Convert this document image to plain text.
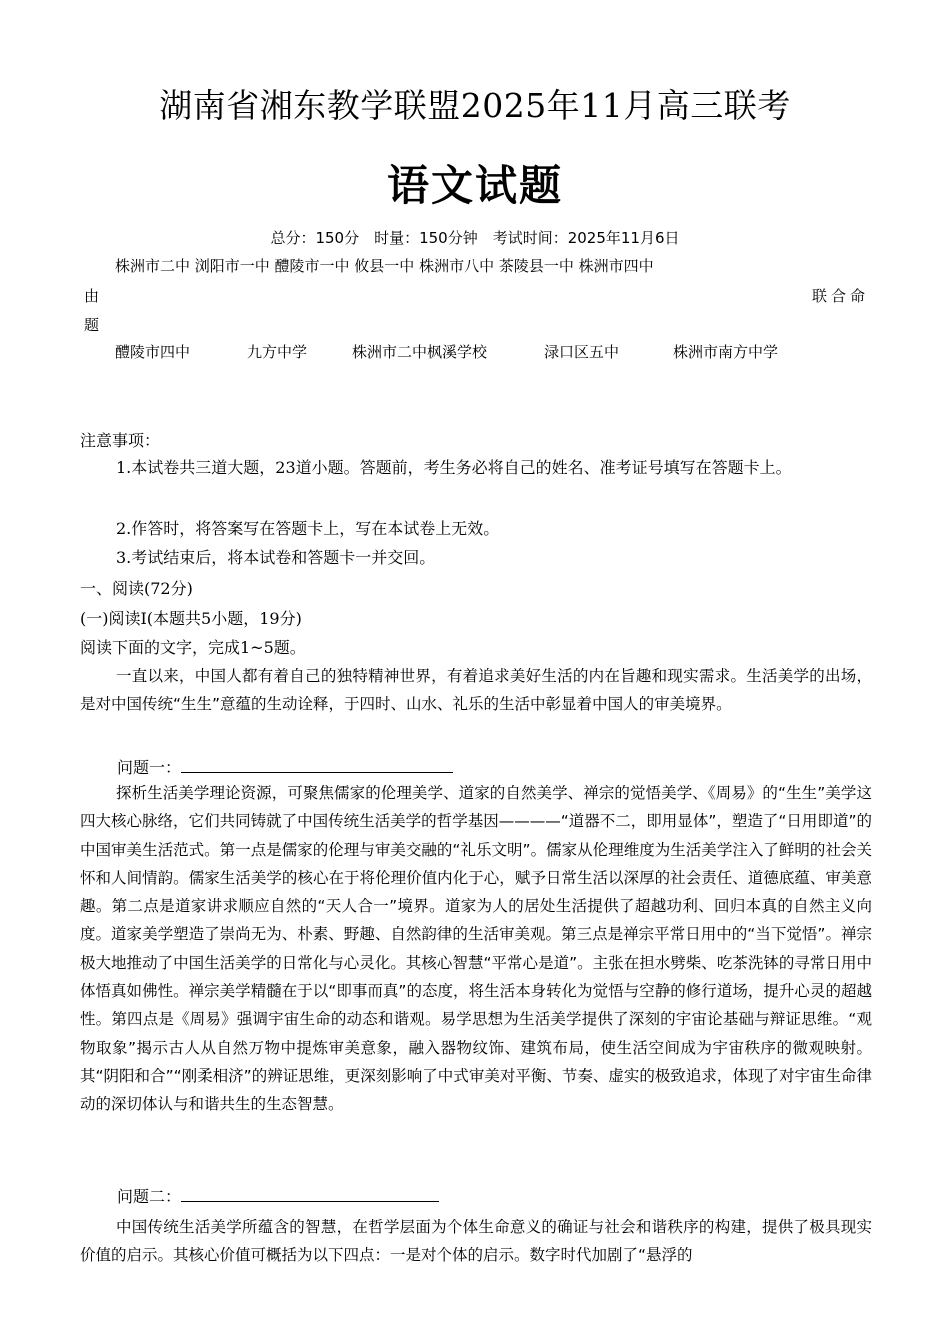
湖南省湘东教学联盟2025年11月高三联考
语文试题
总分：150分　时量：150分钟　考试时间：2025年11月6日
株洲市二中 浏阳市一中 醴陵市一中 攸县一中 株洲市八中 茶陵县一中 株洲市四中
由	联合命
题
醴陵市四中	九方中学	株洲市二中枫溪学校	渌口区五中	株洲市南方中学
注意事项：
1.本试卷共三道大题，23道小题。答题前，考生务必将自己的姓名、准考证号填写在答题卡上。
2.作答时，将答案写在答题卡上，写在本试卷上无效。
3.考试结束后，将本试卷和答题卡一并交回。
一、阅读(72分)
(一)阅读Ⅰ(本题共5小题，19分)
阅读下面的文字，完成1~5题。
一直以来，中国人都有着自己的独特精神世界，有着追求美好生活的内在旨趣和现实需求。生活美学的出场，是对中国传统“生生”意蕴的生动诠释，于四时、山水、礼乐的生活中彰显着中国人的审美境界。
问题一：
探析生活美学理论资源，可聚焦儒家的伦理美学、道家的自然美学、禅宗的觉悟美学、《周易》的“生生”美学这四大核心脉络，它们共同铸就了中国传统生活美学的哲学基因————“道器不二，即用显体”，塑造了“日用即道”的中国审美生活范式。第一点是儒家的伦理与审美交融的“礼乐文明”。儒家从伦理维度为生活美学注入了鲜明的社会关怀和人间情韵。儒家生活美学的核心在于将伦理价值内化于心，赋予日常生活以深厚的社会责任、道德底蕴、审美意趣。第二点是道家讲求顺应自然的“天人合一”境界。道家为人的居处生活提供了超越功利、回归本真的自然主义向度。道家美学塑造了崇尚无为、朴素、野趣、自然韵律的生活审美观。第三点是禅宗平常日用中的“当下觉悟”。禅宗极大地推动了中国生活美学的日常化与心灵化。其核心智慧“平常心是道”。主张在担水劈柴、吃茶洗钵的寻常日用中体悟真如佛性。禅宗美学精髓在于以“即事而真”的态度，将生活本身转化为觉悟与空静的修行道场，提升心灵的超越性。第四点是《周易》强调宇宙生命的动态和谐观。易学思想为生活美学提供了深刻的宇宙论基础与辩证思维。“观物取象”揭示古人从自然万物中提炼审美意象，融入器物纹饰、建筑布局，使生活空间成为宇宙秩序的微观映射。其“阴阳和合”“刚柔相济”的辨证思维，更深刻影响了中式审美对平衡、节奏、虚实的极致追求，体现了对宇宙生命律动的深切体认与和谐共生的生态智慧。
问题二：
中国传统生活美学所蕴含的智慧，在哲学层面为个体生命意义的确证与社会和谐秩序的构建，提供了极具现实价值的启示。其核心价值可概括为以下四点：一是对个体的启示。数字时代加剧了“悬浮的
